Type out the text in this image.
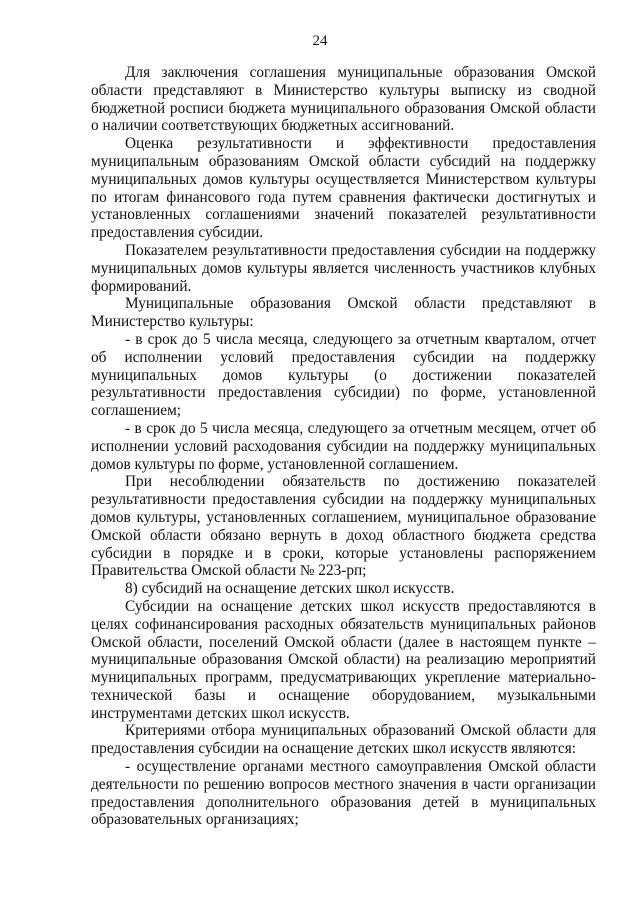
24

Для заключения соглашения муниципальные образования Омской области представляют в Министерство культуры выписку из сводной бюджетной росписи бюджета муниципального образования Омской области о наличии соответствующих бюджетных ассигнований.

Оценка результативности и эффективности предоставления муниципальным образованиям Омской области субсидий на поддержку муниципальных домов культуры осуществляется Министерством культуры по итогам финансового года путем сравнения фактически достигнутых и установленных соглашениями значений показателей результативности предоставления субсидии.

Показателем результативности предоставления субсидии на поддержку муниципальных домов культуры является численность участников клубных формирований.

Муниципальные образования Омской области представляют в Министерство культуры:

- в срок до 5 числа месяца, следующего за отчетным кварталом, отчет об исполнении условий предоставления субсидии на поддержку муниципальных домов культуры (о достижении показателей результативности предоставления субсидии) по форме, установленной соглашением;

- в срок до 5 числа месяца, следующего за отчетным месяцем, отчет об исполнении условий расходования субсидии на поддержку муниципальных домов культуры по форме, установленной соглашением.

При несоблюдении обязательств по достижению показателей результативности предоставления субсидии на поддержку муниципальных домов культуры, установленных соглашением, муниципальное образование Омской области обязано вернуть в доход областного бюджета средства субсидии в порядке и в сроки, которые установлены распоряжением Правительства Омской области № 223-рп;

8) субсидий на оснащение детских школ искусств.

Субсидии на оснащение детских школ искусств предоставляются в целях софинансирования расходных обязательств муниципальных районов Омской области, поселений Омской области (далее в настоящем пункте – муниципальные образования Омской области) на реализацию мероприятий муниципальных программ, предусматривающих укрепление материально-технической базы и оснащение оборудованием, музыкальными инструментами детских школ искусств.

Критериями отбора муниципальных образований Омской области для предоставления субсидии на оснащение детских школ искусств являются:

- осуществление органами местного самоуправления Омской области деятельности по решению вопросов местного значения в части организации предоставления дополнительного образования детей в муниципальных образовательных организациях;
